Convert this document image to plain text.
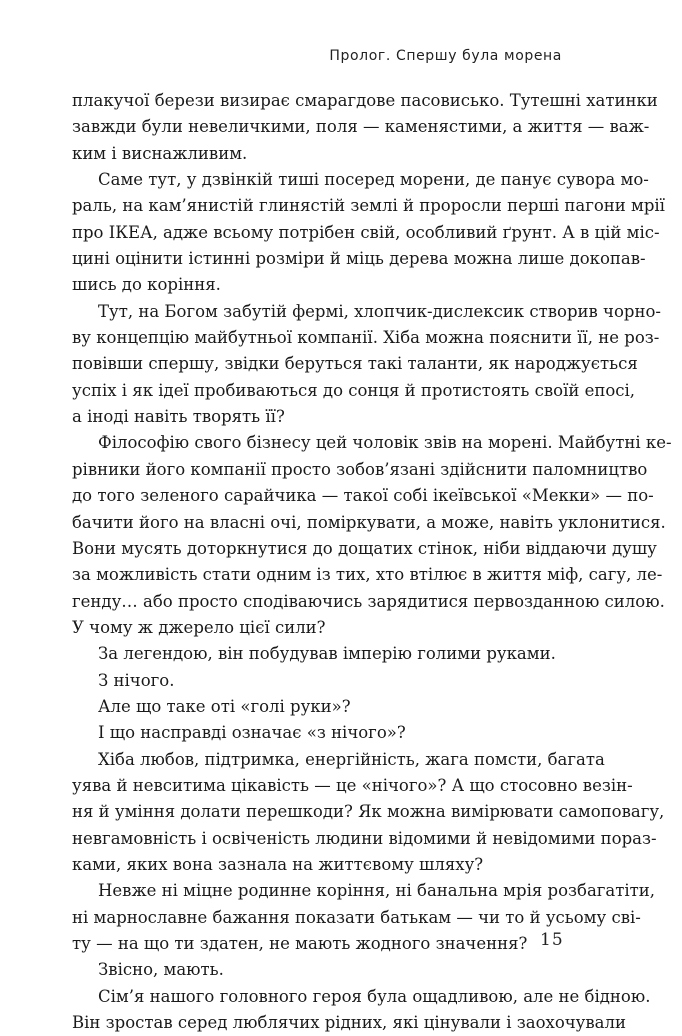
Пролог. Спершу була морена
плакучої берези визирає смарагдове пасовисько. Тутешні хатинки
завжди були невеличкими, поля — каменястими, а життя — важ-
ким і виснажливим.
Саме тут, у дзвінкій тиші посеред морени, де панує сувора мо-
раль, на кам’янистій глинястій землі й проросли перші пагони мрії
про ІКЕА, адже всьому потрібен свій, особливий ґрунт. А в цій міс-
цині оцінити істинні розміри й міць дерева можна лише докопав-
шись до коріння.
Тут, на Богом забутій фермі, хлопчик-дислексик створив чорно-
ву концепцію майбутньої компанії. Хіба можна пояснити її, не роз-
повівши спершу, звідки беруться такі таланти, як народжується
успіх і як ідеї пробиваються до сонця й протистоять своїй епосі,
а іноді навіть творять її?
Філософію свого бізнесу цей чоловік звів на морені. Майбутні ке-
рівники його компанії просто зобов’язані здійснити паломництво
до того зеленого сарайчика — такої собі ікеївської «Мекки» — по-
бачити його на власні очі, поміркувати, а може, навіть уклонитися.
Вони мусять доторкнутися до дощатих стінок, ніби віддаючи душу
за можливість стати одним із тих, хто втілює в життя міф, сагу, ле-
генду… або просто сподіваючись зарядитися первозданною силою.
У чому ж джерело цієї сили?
За легендою, він побудував імперію голими руками.
З нічого.
Але що таке оті «голі руки»?
І що насправді означає «з нічого»?
Хіба любов, підтримка, енергійність, жага помсти, багата
уява й невситима цікавість — це «нічого»? А що стосовно везін-
ня й уміння долати перешкоди? Як можна вимірювати самоповагу,
невгамовність і освіченість людини відомими й невідомими пораз-
ками, яких вона зазнала на життєвому шляху?
Невже ні міцне родинне коріння, ні банальна мрія розбагатіти,
ні марнославне бажання показати батькам — чи то й усьому сві-
ту — на що ти здатен, не мають жодного значення?
Звісно, мають.
Сім’я нашого головного героя була ощадливою, але не бідною.
Він зростав серед люблячих рідних, які цінували і заохочували
15
